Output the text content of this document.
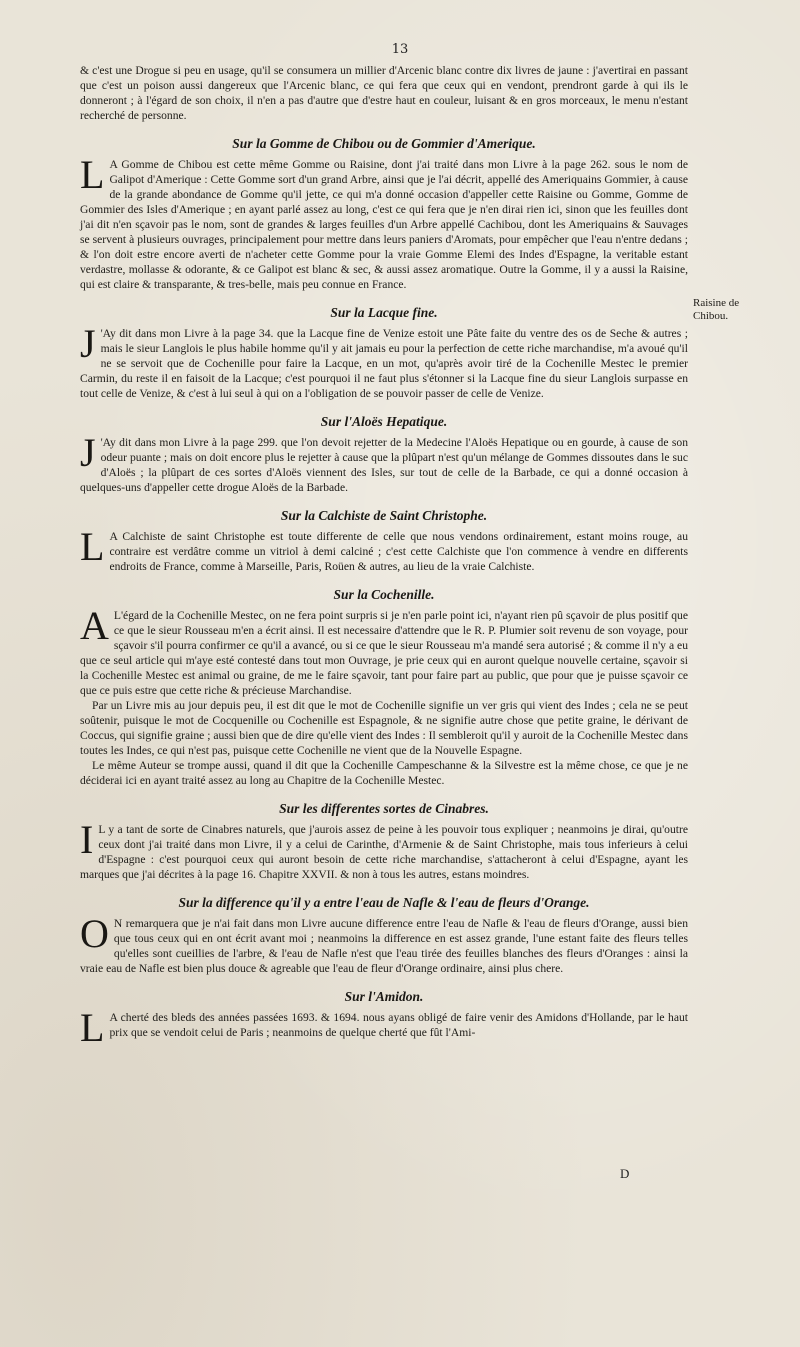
13

& c'est une Drogue si peu en usage, qu'il se consumera un millier d'Arcenic blanc contre dix livres de jaune : j'avertirai en passant que c'est un poison aussi dangereux que l'Arcenic blanc, ce qui fera que ceux qui en vendont, prendront garde à qui ils le donneront ; à l'égard de son choix, il n'en a pas d'autre que d'estre haut en couleur, luisant & en gros morceaux, le menu n'estant recherché de personne.

Sur la Gomme de Chibou ou de Gommier d'Amerique.
L A Gomme de Chibou est cette même Gomme ou Raisine, dont j'ai traité dans mon Livre à la page 262. sous le nom de Galipot d'Amerique : Cette Gomme sort d'un grand Arbre, ainsi que je l'ai décrit, appellé des Ameriquains Gommier, à cause de la grande abondance de Gomme qu'il jette, ce qui m'a donné occasion d'appeller cette Raisine ou Gomme, Gomme de Gommier des Isles d'Amerique ; en ayant parlé assez au long, c'est ce qui fera que je n'en dirai rien ici, sinon que les feuilles dont j'ai dit n'en sçavoir pas le nom, sont de grandes & larges feuilles d'un Arbre appellé Cachibou, dont les Ameriquains & Sauvages se servent à plusieurs ouvrages, principalement pour mettre dans leurs paniers d'Aromats, pour empêcher que l'eau n'entre dedans ; & l'on doit estre encore averti de n'acheter cette Gomme pour la vraie Gomme Elemi des Indes d'Espagne, la veritable estant verdastre, mollasse & odorante, & ce Galipot est blanc & sec, & aussi assez aromatique. Outre la Gomme, il y a aussi la Raisine, qui est claire & transparante, & tres-belle, mais peu connue en France.

Sur la Lacque fine.
J 'Ay dit dans mon Livre à la page 34. que la Lacque fine de Venize estoit une Pâte faite du ventre des os de Seche & autres ; mais le sieur Langlois le plus habile homme qu'il y ait jamais eu pour la perfection de cette riche marchandise, m'a avoué qu'il ne se servoit que de Cochenille pour faire la Lacque, en un mot, qu'après avoir tiré de la Cochenille Mestec le premier Carmin, du reste il en faisoit de la Lacque; c'est pourquoi il ne faut plus s'étonner si la Lacque fine du sieur Langlois surpasse en tout celle de Venize, & c'est à lui seul à qui on a l'obligation de se pouvoir passer de celle de Venize.

Sur l'Aloës Hepatique.
J 'Ay dit dans mon Livre à la page 299. que l'on devoit rejetter de la Medecine l'Aloës Hepatique ou en gourde, à cause de son odeur puante ; mais on doit encore plus le rejetter à cause que la plûpart n'est qu'un mélange de Gommes dissoutes dans le suc d'Aloës ; la plûpart de ces sortes d'Aloës viennent des Isles, sur tout de celle de la Barbade, ce qui a donné occasion à quelques-uns d'appeller cette drogue Aloës de la Barbade.

Sur la Calchiste de Saint Christophe.
L A Calchiste de saint Christophe est toute differente de celle que nous vendons ordinairement, estant moins rouge, au contraire est verdâtre comme un vitriol à demi calciné ; c'est cette Calchiste que l'on commence à vendre en differents endroits de France, comme à Marseille, Paris, Roüen & autres, au lieu de la vraie Calchiste.

Sur la Cochenille.
A L'égard de la Cochenille Mestec, on ne fera point surpris si je n'en parle point ici, n'ayant rien pû sçavoir de plus positif que ce que le sieur Rousseau m'en a écrit ainsi. Il est necessaire d'attendre que le R. P. Plumier soit revenu de son voyage, pour sçavoir s'il pourra confirmer ce qu'il a avancé, ou si ce que le sieur Rousseau m'a mandé sera autorisé ; & comme il n'y a eu que ce seul article qui m'aye esté contesté dans tout mon Ouvrage, je prie ceux qui en auront quelque nouvelle certaine, sçavoir si la Cochenille Mestec est animal ou graine, de me le faire sçavoir, tant pour faire part au public, que pour que je puisse sçavoir ce que ce puis estre que cette riche & précieuse Marchandise.

Par un Livre mis au jour depuis peu, il est dit que le mot de Cochenille signifie un ver gris qui vient des Indes ; cela ne se peut soûtenir, puisque le mot de Cocquenille ou Cochenille est Espagnole, & ne signifie autre chose que petite graine, le dérivant de Coccus, qui signifie graine ; aussi bien que de dire qu'elle vient des Indes : Il sembleroit qu'il y auroit de la Cochenille Mestec dans toutes les Indes, ce qui n'est pas, puisque cette Cochenille ne vient que de la Nouvelle Espagne.

Le même Auteur se trompe aussi, quand il dit que la Cochenille Campeschanne & la Silvestre est la même chose, ce que je ne déciderai ici en ayant traité assez au long au Chapitre de la Cochenille Mestec.

Sur les differentes sortes de Cinabres.
I L y a tant de sorte de Cinabres naturels, que j'aurois assez de peine à les pouvoir tous expliquer ; neanmoins je dirai, qu'outre ceux dont j'ai traité dans mon Livre, il y a celui de Carinthe, d'Armenie & de Saint Christophe, mais tous inferieurs à celui d'Espagne : c'est pourquoi ceux qui auront besoin de cette riche marchandise, s'attacheront à celui d'Espagne, ayant les marques que j'ai décrites à la page 16. Chapitre XXVII. & non à tous les autres, estans moindres.

Sur la difference qu'il y a entre l'eau de Nafle & l'eau de fleurs d'Orange.
O N remarquera que je n'ai fait dans mon Livre aucune difference entre l'eau de Nafle & l'eau de fleurs d'Orange, aussi bien que tous ceux qui en ont écrit avant moi ; neanmoins la difference en est assez grande, l'une estant faite des fleurs telles qu'elles sont cueillies de l'arbre, & l'eau de Nafle n'est que l'eau tirée des feuilles blanches des fleurs d'Oranges : ainsi la vraie eau de Nafle est bien plus douce & agreable que l'eau de fleur d'Orange ordinaire, ainsi plus chere.

Sur l'Amidon.
L A cherté des bleds des années passées 1693. & 1694. nous ayans obligé de faire venir des Amidons d'Hollande, par le haut prix que se vendoit celui de Paris ; neanmoins de quelque cherté que fût l'Ami-

Raisine de Chibou.
D
